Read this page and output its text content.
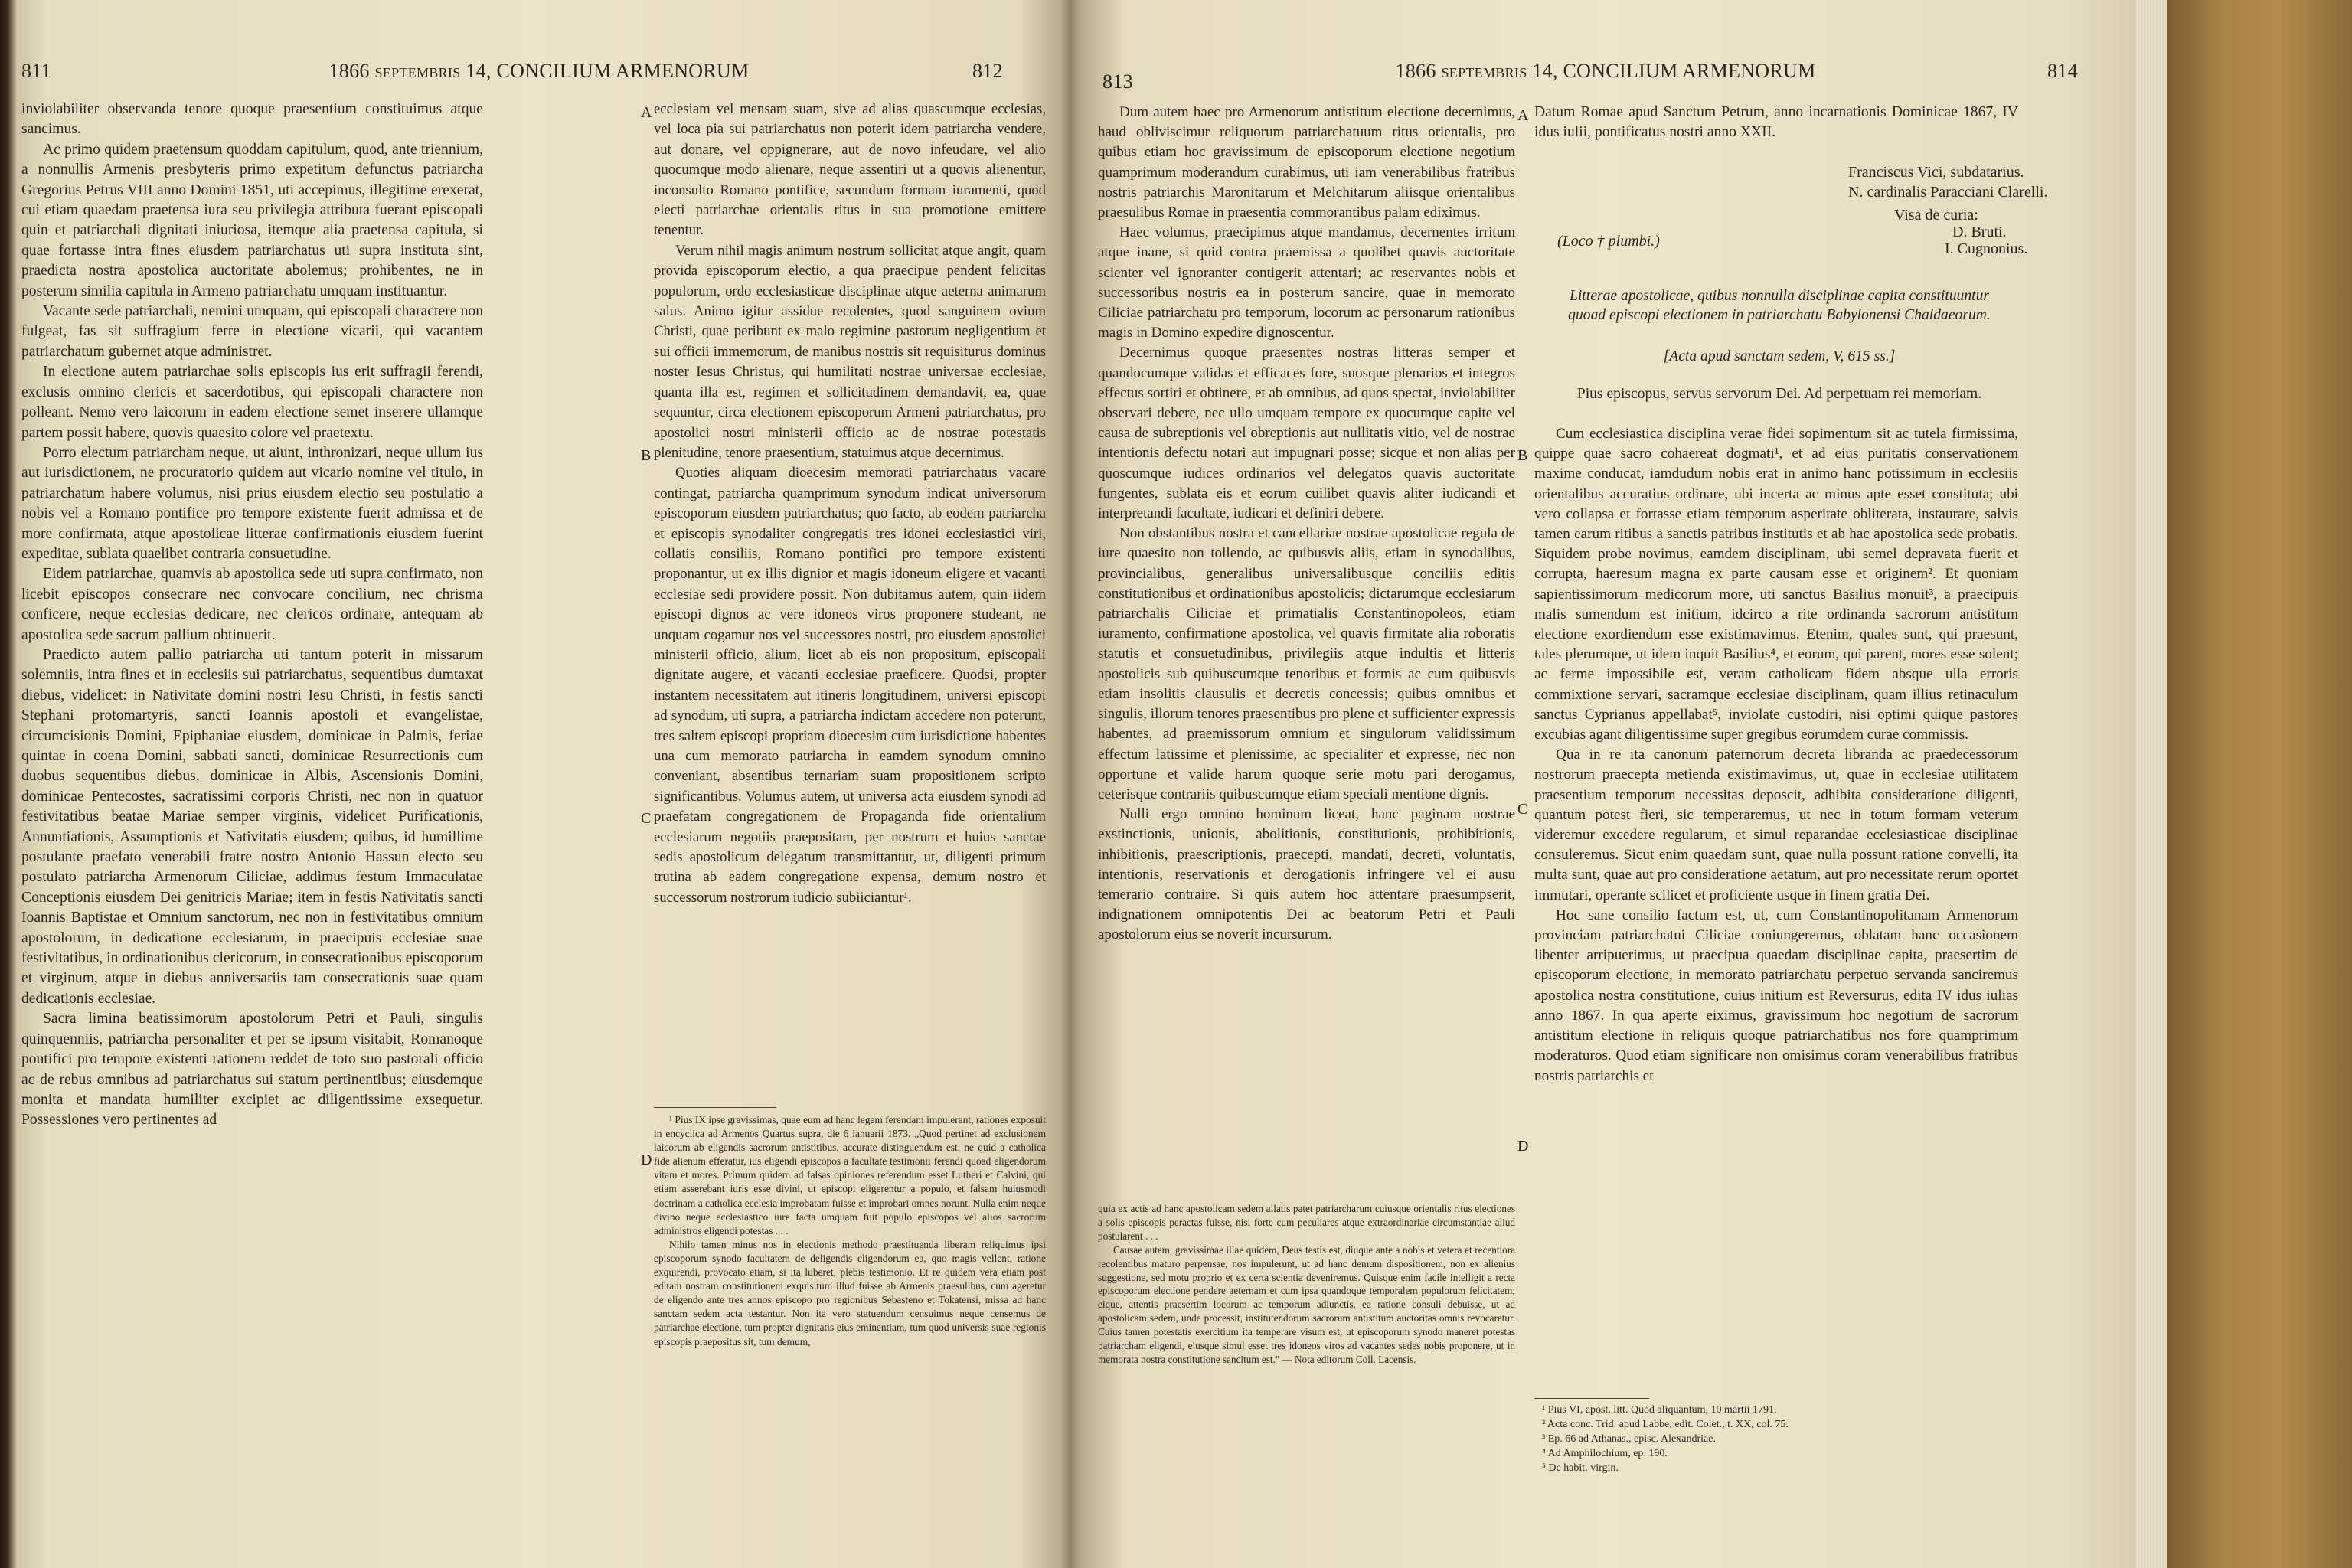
811	1866 septembris 14, CONCILIUM ARMENORUM	812

inviolabiliter observanda tenore quoque praesentium constituimus atque sancimus.

Ac primo quidem praetensum quoddam capitulum, quod, ante triennium, a nonnullis Armenis presbyteris primo expetitum defunctus patriarcha Gregorius Petrus VIII anno Domini 1851, uti accepimus, illegitime erexerat, cui etiam quaedam praetensa iura seu privilegia attributa fuerant episcopali quin et patriarchali dignitati iniuriosa, itemque alia praetensa capitula, si quae fortasse intra fines eiusdem patriarchatus uti supra instituta sint, praedicta nostra apostolica auctoritate abolemus; prohibentes, ne in posterum similia capitula in Armeno patriarchatu umquam instituantur.

Vacante sede patriarchali, nemini umquam, qui episcopali charactere non fulgeat, fas sit suffragium ferre in electione vicarii, qui vacantem patriarchatum gubernet atque administret.

In electione autem patriarchae solis episcopis ius erit suffragii ferendi, exclusis omnino clericis et sacerdotibus, qui episcopali charactere non polleant. Nemo vero laicorum in eadem electione semet inserere ullamque partem possit habere, quovis quaesito colore vel praetextu.

Porro electum patriarcham neque, ut aiunt, inthronizari, neque ullum ius aut iurisdictionem, ne procuratorio quidem aut vicario nomine vel titulo, in patriarchatum habere volumus, nisi prius eiusdem electio seu postulatio a nobis vel a Romano pontifice pro tempore existente fuerit admissa et de more confirmata, atque apostolicae litterae confirmationis eiusdem fuerint expeditae, sublata quaelibet contraria consuetudine.

Eidem patriarchae, quamvis ab apostolica sede uti supra confirmato, non licebit episcopos consecrare nec convocare concilium, nec chrisma conficere, neque ecclesias dedicare, nec clericos ordinare, antequam ab apostolica sede sacrum pallium obtinuerit.

Praedicto autem pallio patriarcha uti tantum poterit in missarum solemniis, intra fines et in ecclesiis sui patriarchatus, sequentibus dumtaxat diebus, videlicet: in Nativitate domini nostri Iesu Christi, in festis sancti Stephani protomartyris, sancti Ioannis apostoli et evangelistae, circumcisionis Domini, Epiphaniae eiusdem, dominicae in Palmis, feriae quintae in coena Domini, sabbati sancti, dominicae Resurrectionis cum duobus sequentibus diebus, dominicae in Albis, Ascensionis Domini, dominicae Pentecostes, sacratissimi corporis Christi, nec non in quatuor festivitatibus beatae Mariae semper virginis, videlicet Purificationis, Annuntiationis, Assumptionis et Nativitatis eiusdem; quibus, id humillime postulante praefato venerabili fratre nostro Antonio Hassun electo seu postulato patriarcha Armenorum Ciliciae, addimus festum Immaculatae Conceptionis eiusdem Dei genitricis Mariae; item in festis Nativitatis sancti Ioannis Baptistae et Omnium sanctorum, nec non in festivitatibus omnium apostolorum, in dedicatione ecclesiarum, in praecipuis ecclesiae suae festivitatibus, in ordinationibus clericorum, in consecrationibus episcoporum et virginum, atque in diebus anniversariis tam consecrationis suae quam dedicationis ecclesiae.

Sacra limina beatissimorum apostolorum Petri et Pauli, singulis quinquenniis, patriarcha personaliter et per se ipsum visitabit, Romanoque pontifici pro tempore existenti rationem reddet de toto suo pastorali officio ac de rebus omnibus ad patriarchatus sui statum pertinentibus; eiusdemque monita et mandata humiliter excipiet ac diligentissime exsequetur. Possessiones vero pertinentes ad

A
B
C
D

ecclesiam vel mensam suam, sive ad alias quascumque ecclesias, vel loca pia sui patriarchatus non poterit idem patriarcha vendere, aut donare, vel oppignerare, aut de novo infeudare, vel alio quocumque modo alienare, neque assentiri ut a quovis alienentur, inconsulto Romano pontifice, secundum formam iuramenti, quod electi patriarchae orientalis ritus in sua promotione emittere tenentur.

Verum nihil magis animum nostrum sollicitat atque angit, quam provida episcoporum electio, a qua praecipue pendent felicitas populorum, ordo ecclesiasticae disciplinae atque aeterna animarum salus. Animo igitur assidue recolentes, quod sanguinem ovium Christi, quae peribunt ex malo regimine pastorum negligentium et sui officii immemorum, de manibus nostris sit requisiturus dominus noster Iesus Christus, qui humilitati nostrae universae ecclesiae, quanta illa est, regimen et sollicitudinem demandavit, ea, quae sequuntur, circa electionem episcoporum Armeni patriarchatus, pro apostolici nostri ministerii officio ac de nostrae potestatis plenitudine, tenore praesentium, statuimus atque decernimus.

Quoties aliquam dioecesim memorati patriarchatus vacare contingat, patriarcha quamprimum synodum indicat universorum episcoporum eiusdem patriarchatus; quo facto, ab eodem patriarcha et episcopis synodaliter congregatis tres idonei ecclesiastici viri, collatis consiliis, Romano pontifici pro tempore existenti proponantur, ut ex illis dignior et magis idoneum eligere et vacanti ecclesiae sedi providere possit. Non dubitamus autem, quin iidem episcopi dignos ac vere idoneos viros proponere studeant, ne unquam cogamur nos vel successores nostri, pro eiusdem apostolici ministerii officio, alium, licet ab eis non propositum, episcopali dignitate augere, et vacanti ecclesiae praeficere. Quodsi, propter instantem necessitatem aut itineris longitudinem, universi episcopi ad synodum, uti supra, a patriarcha indictam accedere non poterunt, tres saltem episcopi propriam dioecesim cum iurisdictione habentes una cum memorato patriarcha in eamdem synodum omnino conveniant, absentibus ternariam suam propositionem scripto significantibus. Volumus autem, ut universa acta eiusdem synodi ad praefatam congregationem de Propaganda fide orientalium ecclesiarum negotiis praepositam, per nostrum et huius sanctae sedis apostolicum delegatum transmittantur, ut, diligenti primum trutina ab eadem congregatione expensa, demum nostro et successorum nostrorum iudicio subiiciantur¹.

¹ Pius IX ipse gravissimas, quae eum ad hanc legem ferendam impulerant, rationes exposuit in encyclica ad Armenos Quartus supra, die 6 ianuarii 1873. „Quod pertinet ad exclusionem laicorum ab eligendis sacrorum antistitibus, accurate distinguendum est, ne quid a catholica fide alienum efferatur, ius eligendi episcopos a facultate testimonii ferendi quoad eligendorum vitam et mores. Primum quidem ad falsas opiniones referendum esset Lutheri et Calvini, qui etiam asserebant iuris esse divini, ut episcopi eligerentur a populo, et falsam huiusmodi doctrinam a catholica ecclesia improbatam fuisse et improbari omnes norunt. Nulla enim neque divino neque ecclesiastico iure facta umquam fuit populo episcopos vel alios sacrorum administros eligendi potestas . . .

Nihilo tamen minus nos in electionis methodo praestituenda liberam reliquimus ipsi episcoporum synodo facultatem de deligendis eligendorum ea, quo magis vellent, ratione exquirendi, provocato etiam, si ita luberet, plebis testimonio. Et re quidem vera etiam post editam nostram constitutionem exquisitum illud fuisse ab Armenis praesulibus, cum ageretur de eligendo ante tres annos episcopo pro regionibus Sebasteno et Tokatensi, missa ad hanc sanctam sedem acta testantur. Non ita vero statuendum censuimus neque censemus de patriarchae electione, tum propter dignitatis eius eminentiam, tum quod universis suae regionis episcopis praepositus sit, tum demum,

813	1866 septembris 14, CONCILIUM ARMENORUM	814

Dum autem haec pro Armenorum antistitum electione decernimus, haud obliviscimur reliquorum patriarchatuum ritus orientalis, pro quibus etiam hoc gravissimum de episcoporum electione negotium quamprimum moderandum curabimus, uti iam venerabilibus fratribus nostris patriarchis Maronitarum et Melchitarum aliisque orientalibus praesulibus Romae in praesentia commorantibus palam ediximus.

Haec volumus, praecipimus atque mandamus, decernentes irritum atque inane, si quid contra praemissa a quolibet quavis auctoritate scienter vel ignoranter contigerit attentari; ac reservantes nobis et successoribus nostris ea in posterum sancire, quae in memorato Ciliciae patriarchatu pro temporum, locorum ac personarum rationibus magis in Domino expedire dignoscentur.

Decernimus quoque praesentes nostras litteras semper et quandocumque validas et efficaces fore, suosque plenarios et integros effectus sortiri et obtinere, et ab omnibus, ad quos spectat, inviolabiliter observari debere, nec ullo umquam tempore ex quocumque capite vel causa de subreptionis vel obreptionis aut nullitatis vitio, vel de nostrae intentionis defectu notari aut impugnari posse; sicque et non alias per quoscumque iudices ordinarios vel delegatos quavis auctoritate fungentes, sublata eis et eorum cuilibet quavis aliter iudicandi et interpretandi facultate, iudicari et definiri debere.

Non obstantibus nostra et cancellariae nostrae apostolicae regula de iure quaesito non tollendo, ac quibusvis aliis, etiam in synodalibus, provincialibus, generalibus universalibusque conciliis editis constitutionibus et ordinationibus apostolicis; dictarumque ecclesiarum patriarchalis Ciliciae et primatialis Constantinopoleos, etiam iuramento, confirmatione apostolica, vel quavis firmitate alia roboratis statutis et consuetudinibus, privilegiis atque indultis et litteris apostolicis sub quibuscumque tenoribus et formis ac cum quibusvis etiam insolitis clausulis et decretis concessis; quibus omnibus et singulis, illorum tenores praesentibus pro plene et sufficienter expressis habentes, ad praemissorum omnium et singulorum validissimum effectum latissime et plenissime, ac specialiter et expresse, nec non opportune et valide harum quoque serie motu pari derogamus, ceterisque contrariis quibuscumque etiam speciali mentione dignis.

Nulli ergo omnino hominum liceat, hanc paginam nostrae exstinctionis, unionis, abolitionis, constitutionis, prohibitionis, inhibitionis, praescriptionis, praecepti, mandati, decreti, voluntatis, intentionis, reservationis et derogationis infringere vel ei ausu temerario contraire. Si quis autem hoc attentare praesumpserit, indignationem omnipotentis Dei ac beatorum Petri et Pauli apostolorum eius se noverit incursurum.

A
B
C
D

quia ex actis ad hanc apostolicam sedem allatis patet patriarcharum cuiusque orientalis ritus electiones a solis episcopis peractas fuisse, nisi forte cum peculiares atque extraordinariae circumstantiae aliud postularent . . .

Causae autem, gravissimae illae quidem, Deus testis est, diuque ante a nobis et vetera et recentiora recolentibus maturo perpensae, nos impulerunt, ut ad hanc demum dispositionem, non ex alienius suggestione, sed motu proprio et ex certa scientia deveniremus. Quisque enim facile intelligit a recta episcoporum electione pendere aeternam et cum ipsa quandoque temporalem populorum felicitatem; eique, attentis praesertim locorum ac temporum adiunctis, ea ratione consuli debuisse, ut ad apostolicam sedem, unde processit, institutendorum sacrorum antistitum auctoritas omnis revocaretur. Cuius tamen potestatis exercitium ita temperare visum est, ut episcoporum synodo maneret potestas patriarcham eligendi, eiusque simul esset tres idoneos viros ad vacantes sedes nobis proponere, ut in memorata nostra constitutione sancitum est." — Nota editorum Coll. Lacensis.

Datum Romae apud Sanctum Petrum, anno incarnationis Dominicae 1867, IV idus iulii, pontificatus nostri anno XXII.

Franciscus Vici, subdatarius.
N. cardinalis Paracciani Clarelli.
Visa de curia:
D. Bruti.
(Loco † plumbi.)	I. Cugnonius.
Litterae apostolicae, quibus nonnulla disciplinae capita constituuntur quoad episcopi electionem in patriarchatu Babylonensi Chaldaeorum.
[Acta apud sanctam sedem, V, 615 ss.]
Pius episcopus, servus servorum Dei. Ad perpetuam rei memoriam.

Cum ecclesiastica disciplina verae fidei sopimentum sit ac tutela firmissima, quippe quae sacro cohaereat dogmati¹, et ad eius puritatis conservationem maxime conducat, iamdudum nobis erat in animo hanc potissimum in ecclesiis orientalibus accuratius ordinare, ubi incerta ac minus apte esset constituta; ubi vero collapsa et fortasse etiam temporum asperitate obliterata, instaurare, salvis tamen earum ritibus a sanctis patribus institutis et ab hac apostolica sede probatis. Siquidem probe novimus, eamdem disciplinam, ubi semel depravata fuerit et corrupta, haeresum magna ex parte causam esse et originem². Et quoniam sapientissimorum medicorum more, uti sanctus Basilius monuit³, a praecipuis malis sumendum est initium, idcirco a rite ordinanda sacrorum antistitum electione exordiendum esse existimavimus. Etenim, quales sunt, qui praesunt, tales plerumque, ut idem inquit Basilius⁴, et eorum, qui parent, mores esse solent; ac ferme impossibile est, veram catholicam fidem absque ulla erroris commixtione servari, sacramque ecclesiae disciplinam, quam illius retinaculum sanctus Cyprianus appellabat⁵, inviolate custodiri, nisi optimi quique pastores excubias agant diligentissime super gregibus eorumdem curae commissis.

Qua in re ita canonum paternorum decreta libranda ac praedecessorum nostrorum praecepta metienda existimavimus, ut, quae in ecclesiae utilitatem praesentium temporum necessitas deposcit, adhibita consideratione diligenti, quantum potest fieri, sic temperaremus, ut nec in totum formam veterum videremur excedere regularum, et simul reparandae ecclesiasticae disciplinae consuleremus. Sicut enim quaedam sunt, quae nulla possunt ratione convelli, ita multa sunt, quae aut pro consideratione aetatum, aut pro necessitate rerum oportet immutari, operante scilicet et proficiente usque in finem gratia Dei.

Hoc sane consilio factum est, ut, cum Constantinopolitanam Armenorum provinciam patriarchatui Ciliciae coniungeremus, oblatam hanc occasionem libenter arripuerimus, ut praecipua quaedam disciplinae capita, praesertim de episcoporum electione, in memorato patriarchatu perpetuo servanda sanciremus apostolica nostra constitutione, cuius initium est Reversurus, edita IV idus iulias anno 1867. In qua aperte eiximus, gravissimum hoc negotium de sacrorum antistitum electione in reliquis quoque patriarchatibus nos fore quamprimum moderaturos. Quod etiam significare non omisimus coram venerabilibus fratribus nostris patriarchis et

¹ Pius VI, apost. litt. Quod aliquantum, 10 martii 1791.
² Acta conc. Trid. apud Labbe, edit. Colet., t. XX, col. 75.
³ Ep. 66 ad Athanas., episc. Alexandriae.
⁴ Ad Amphilochium, ep. 190.
⁵ De habit. virgin.
